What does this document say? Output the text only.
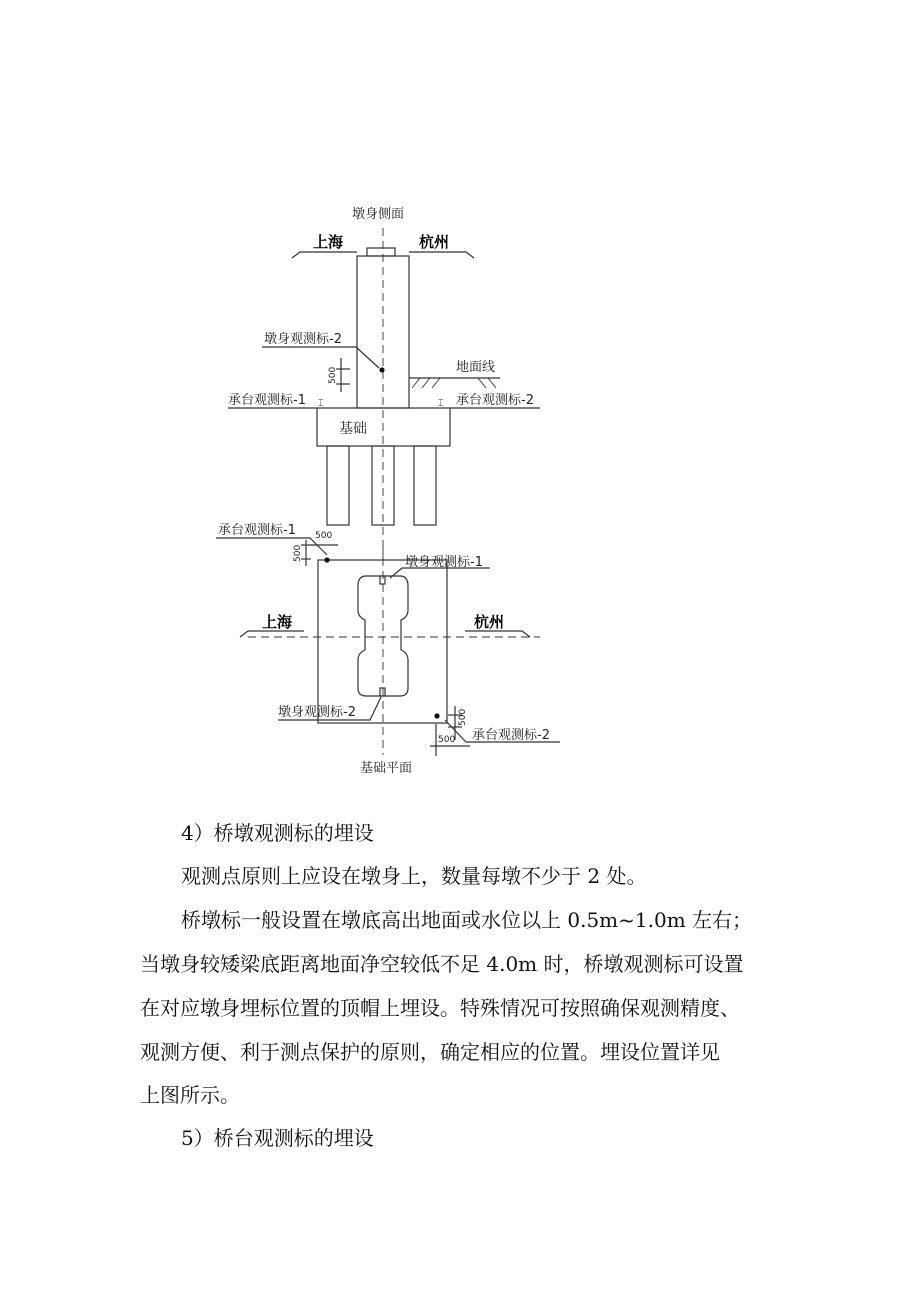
⌶	⌶
墩身侧面
上海	杭州
墩身观测标-2
500	地面线
承台观测标-1	承台观测标-2
基础
承台观测标-1 500
500
墩身观测标-1
上海	杭州
墩身观测标-2	500
500 承台观测标-2
基础平面
4）桥墩观测标的埋设
观测点原则上应设在墩身上，数量每墩不少于 2 处。
桥墩标一般设置在墩底高出地面或水位以上 0.5m~1.0m 左右；
当墩身较矮梁底距离地面净空较低不足 4.0m 时，桥墩观测标可设置
在对应墩身埋标位置的顶帽上埋设。特殊情况可按照确保观测精度、
观测方便、利于测点保护的原则，确定相应的位置。埋设位置详见
上图所示。
5）桥台观测标的埋设
